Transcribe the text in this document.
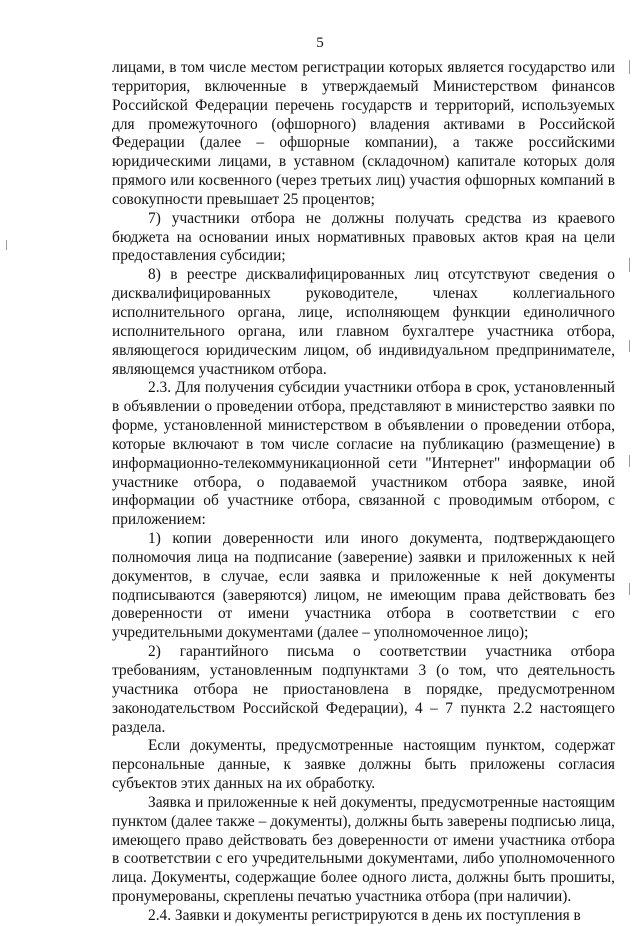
5

лицами, в том числе местом регистрации которых является государство или территория, включенные в утверждаемый Министерством финансов Российской Федерации перечень государств и территорий, используемых для промежуточного (офшорного) владения активами в Российской Федерации (далее – офшорные компании), а также российскими юридическими лицами, в уставном (складочном) капитале которых доля прямого или косвенного (через третьих лиц) участия офшорных компаний в совокупности превышает 25 процентов;

7) участники отбора не должны получать средства из краевого бюджета на основании иных нормативных правовых актов края на цели предоставления субсидии;

8) в реестре дисквалифицированных лиц отсутствуют сведения о дисквалифицированных руководителе, членах коллегиального исполнительного органа, лице, исполняющем функции единоличного исполнительного органа, или главном бухгалтере участника отбора, являющегося юридическим лицом, об индивидуальном предпринимателе, являющемся участником отбора.

2.3. Для получения субсидии участники отбора в срок, установленный в объявлении о проведении отбора, представляют в министерство заявки по форме, установленной министерством в объявлении о проведении отбора, которые включают в том числе согласие на публикацию (размещение) в информационно-телекоммуникационной сети "Интернет" информации об участнике отбора, о подаваемой участником отбора заявке, иной информации об участнике отбора, связанной с проводимым отбором, с приложением:

1) копии доверенности или иного документа, подтверждающего полномочия лица на подписание (заверение) заявки и приложенных к ней документов, в случае, если заявка и приложенные к ней документы подписываются (заверяются) лицом, не имеющим права действовать без доверенности от имени участника отбора в соответствии с его учредительными документами (далее – уполномоченное лицо);

2) гарантийного письма о соответствии участника отбора требованиям, установленным подпунктами 3 (о том, что деятельность участника отбора не приостановлена в порядке, предусмотренном законодательством Российской Федерации), 4 – 7 пункта 2.2 настоящего раздела.

Если документы, предусмотренные настоящим пунктом, содержат персональные данные, к заявке должны быть приложены согласия субъектов этих данных на их обработку.

Заявка и приложенные к ней документы, предусмотренные настоящим пунктом (далее также – документы), должны быть заверены подписью лица, имеющего право действовать без доверенности от имени участника отбора в соответствии с его учредительными документами, либо уполномоченного лица. Документы, содержащие более одного листа, должны быть прошиты, пронумерованы, скреплены печатью участника отбора (при наличии).

2.4. Заявки и документы регистрируются в день их поступления в
